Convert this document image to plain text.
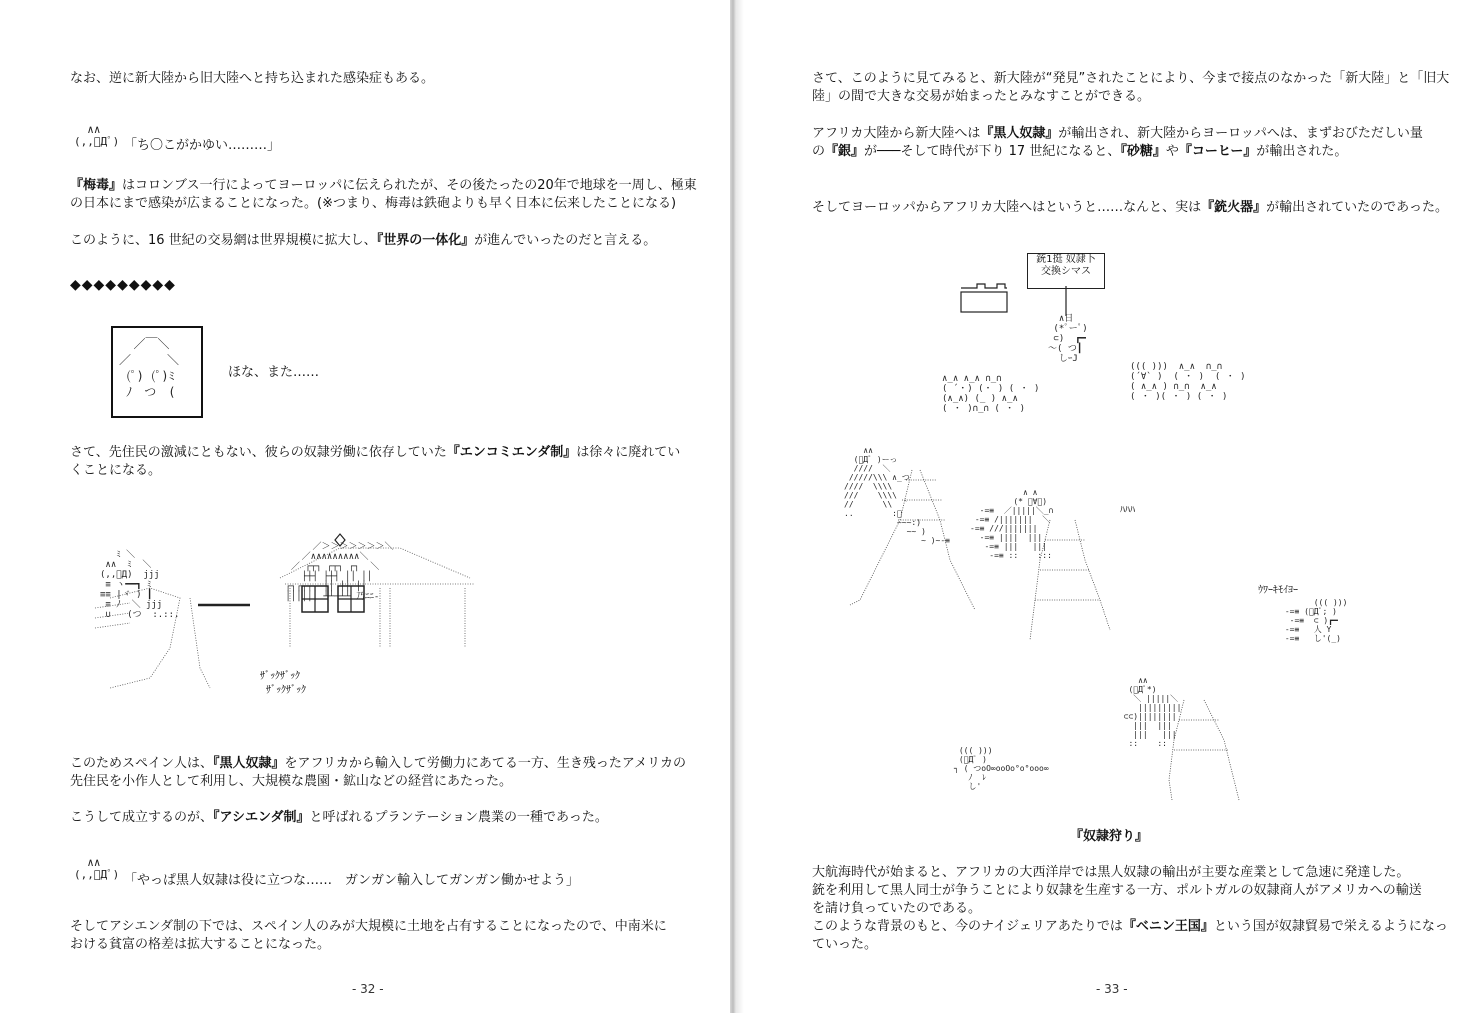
なお、逆に新大陸から旧大陸へと持ち込まれた感染症もある。

∧∧
(,,ﾟДﾟ) 「ち〇こがかゆい………」

『梅毒』はコロンブス一行によってヨーロッパに伝えられたが、その後たったの20年で地球を一周し、極東

の日本にまで感染が広まることになった。(※つまり、梅毒は鉄砲よりも早く日本に伝来したことになる)

このように、16 世紀の交易網は世界規模に拡大し、『世界の一体化』が進んでいったのだと言える。

◆◆◆◆◆◆◆◆◆

／￣＼
／　　　＼
(ﾟ) (ﾟ)ﾐ
ﾉ　つ　(

ほな、また……

さて、先住民の激減にともない、彼らの奴隷労働に依存していた『エンコミエンダ制』は徐々に廃れてい

くことになる。

／＞＞＞＞＞＞＞＼
／∧∧∧∧∧∧∧∧∧＼
／ ┌┬┐ ┌┬┐ ┌┐  ＼
├┼┤ ├┼┤ ││ ││
┌┐┌┐┌┐ ││ ││ ││
││││││ ┴┴─┴┴ 乃ﾆﾆ-
ﾐ ＼
∧∧  ﾐ  ＼
(,,ﾟД)  jjj
≡ ヽ━━┓ ﾐ
≡≡ |ヾ ) ┃
≡ ﾉ  ＼ jjj
∪   (つ  :.::.

ｻﾞｯｸｻﾞｯｸ

ｻﾞｯｸｻﾞｯｸ

このためスペイン人は、『黒人奴隷』をアフリカから輸入して労働力にあてる一方、生き残ったアメリカの

先住民を小作人として利用し、大規模な農園・鉱山などの経営にあたった。

こうして成立するのが、『アシエンダ制』と呼ばれるプランテーション農業の一種であった。

∧∧
(,,ﾟДﾟ) 「やっぱ黒人奴隷は役に立つな……　ガンガン輸入してガンガン働かせよう」

そしてアシエンダ制の下では、スペイン人のみが大規模に土地を占有することになったので、中南米に

おける貧富の格差は拡大することになった。

- 32 -

さて、このように見てみると、新大陸が“発見”されたことにより、今まで接点のなかった「新大陸」と「旧大

陸」の間で大きな交易が始まったとみなすことができる。

アフリカ大陸から新大陸へは『黒人奴隷』が輸出され、新大陸からヨーロッパへは、まずおびただしい量

の『銀』が───そして時代が下り 17 世紀になると、『砂糖』や『コーヒー』が輸出された。

そしてヨーロッパからアフリカ大陸へはというと……なんと、実は『銃火器』が輸出されていたのであった。

銃1挺 奴隷卜
交換シマス
∧日
(*ﾟーﾟ)
⊂)  ┏━
～( つ┃
しｰJ
∧_∧ ∧_∧ ∩_∩
( ´・) (・ ) ( ・ )
(∧_∧) (_ ) ∧_∧
( ・ )∩_∩ ( ・ )
((( )))  ∧_∧  ∩_∩
(´∀` )  ( ・ )  ( ・ )
( ∧_∧ ) ∩_∩  ∧_∧
( ・ )( ・ ) ( ・ )
∧∧
(ﾟДﾟ )ーっ
////  ＼
/////\\\ ∧_つ
////  \\\\
///    \\\\
//      \\  ｀
..        :ﾞ
~~~:)
~~ )
~ )~-≡
∧ ∧
(* ﾟ∀ﾟ)
-=≡  ／|||||＼_∩
-=≡ /|||||||  ＼
-=≡ ///|||||||
-=≡ ||||  |||
-=≡ |||   |||
-=≡ ::    :::

ﾊﾊﾊ

ｳﾜｰｷﾓｲﾖｰ

((( )))
-=≡ (ﾟДﾟ; )
-=≡  ⊂ )┏━
-=≡   人 Y
-=≡   し'(_)
∧∧
(ﾟДﾟ*)
＼ |||||＼
|||||||||
⊂⊂)||||||||
|||  |||
|||   |||
::    ::
((( )))
(ﾟДﾟ )
┐ ( つoO∞ooOo°o°ooo∞
ﾉ  ﾚ
し'

『奴隷狩り』

大航海時代が始まると、アフリカの大西洋岸では黒人奴隷の輸出が主要な産業として急速に発達した。

銃を利用して黒人同士が争うことにより奴隷を生産する一方、ポルトガルの奴隷商人がアメリカへの輸送

を請け負っていたのである。

このような背景のもと、今のナイジェリアあたりでは『ベニン王国』という国が奴隷貿易で栄えるようになっ

ていった。

- 33 -
